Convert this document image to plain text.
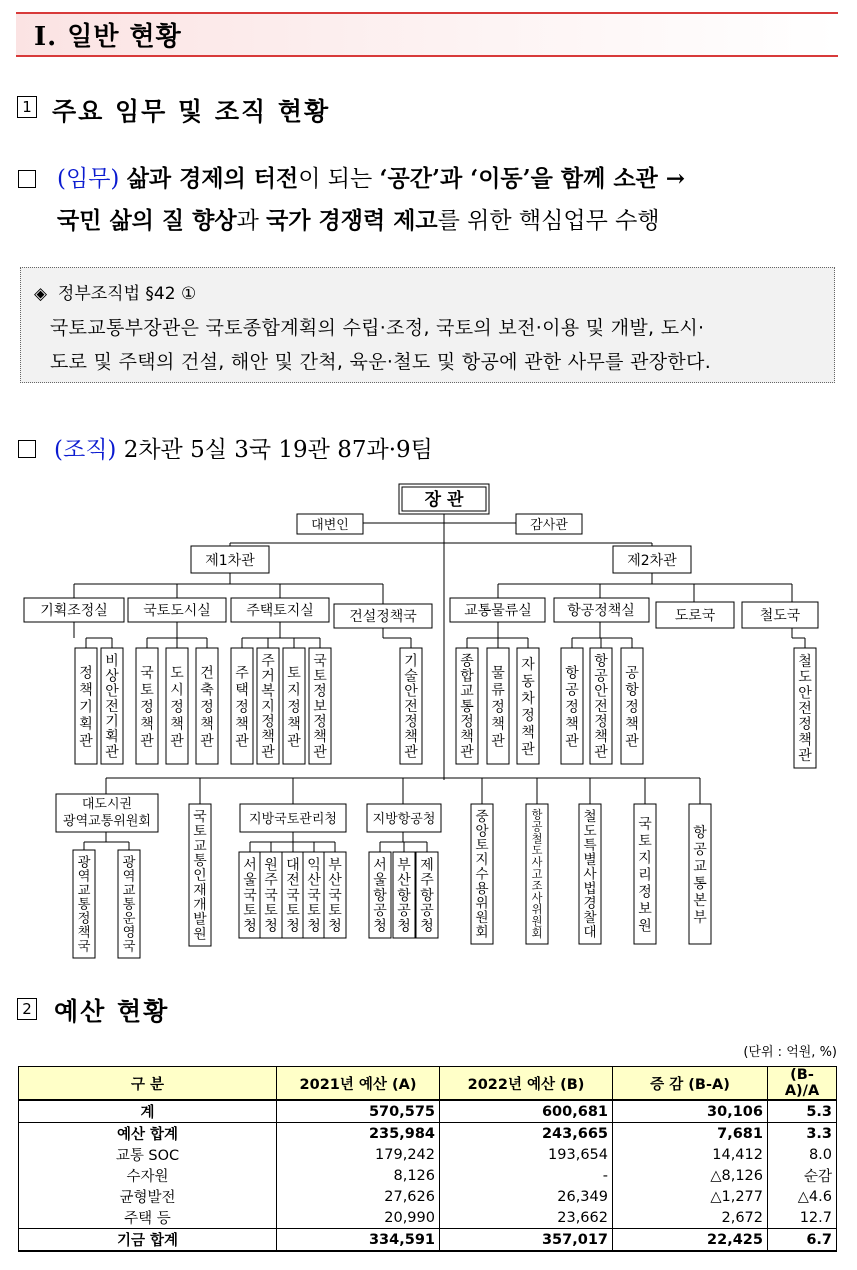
Ⅰ. 일반 현황
1 주요 임무 및 조직 현황
(임무) 삶과 경제의 터전이 되는 ‘공간’과 ‘이동’을 함께 소관 →
국민 삶의 질 향상과 국가 경쟁력 제고를 위한 핵심업무 수행
◈ 정부조직법 §42 ①
국토교통부장관은 국토종합계획의 수립·조정, 국토의 보전·이용 및 개발, 도시·
도로 및 주택의 건설, 해안 및 간척, 육운·철도 및 항공에 관한 사무를 관장한다.
(조직) 2차관 5실 3국 19관 87과·9팀
장 관
대변인	감사관
제1차관	제2차관
기획조정실	국토도시실	주택토지실	건설정책국	교통물류실	항공정책실	도로국	철도국
정 책 기 획 관
비 상 안 전 기 획 관
국 토 정 책 관
도 시 정 책 관
건 축 정 책 관
주 택 정 책 관
주 거 복 지 정 책 관
토 지 정 책 관
국 토 정 보 정 책 관
기 술 안 전 정 책 관
종 합 교 통 정 책 관
물 류 정 책 관
자 동 차 정 책 관
항 공 정 책 관
항 공 안 전 정 책 관
공 항 정 책 관
철 도 안 전 정 책 관
광 역 교 통 정 책 국
광 역 교 통 운 영 국
국 토 교 통 인 재 개 발 원
서 울 국 토 청
원 주 국 토 청
대 전 국 토 청
익 산 국 토 청
부 산 국 토 청
서 울 항 공 청
부 산 항 공 청
제 주 항 공 청
중 앙 토 지 수 용 위 원 회
항 공 철 도 사 고 조 사 위 원 회
철 도 특 별 사 법 경 찰 대
국 토 지 리 정 보 원
항 공 교 통 본 부
대도시권
광역교통위원회	지방국토관리청	지방항공청
2 예산 현황
(단위 : 억원, %)
구 분	2021년 예산 (A)	2022년 예산 (B)	증 감 (B-A)	(B-A)/A
계	570,575	600,681	30,106	5.3
예산 합계	235,984	243,665	7,681	3.3
교통 SOC	179,242	193,654	14,412	8.0
수자원	8,126	-	△8,126	순감
균형발전	27,626	26,349	△1,277	△4.6
주택 등	20,990	23,662	2,672	12.7
기금 합계	334,591	357,017	22,425	6.7
